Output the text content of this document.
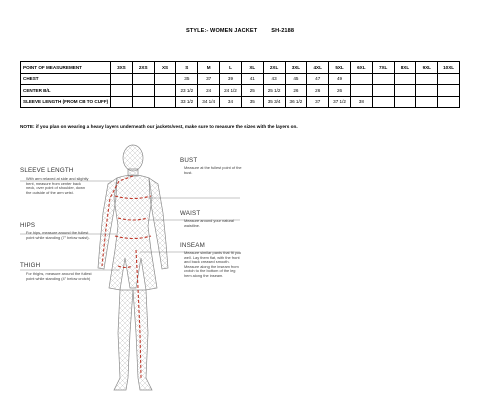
STYLE:- WOMEN JACKET	SH-2188
POINT OF MEASUREMENT	3XS	2XS	XS	S	M	L	XL	2XL	3XL	4XL	5XL	6XL	7XL	8XL	9XL	10XL
CHEST				35	37	39	41	43	45	47	49					
CENTER B/L				23 1/2	24	24 1/2	25	25 1/2	26	26	26					
SLEEVE LENGTH (FROM CB TO CUFF)				33 1/2	34 1/4	34	35	35 3/4	36 1/2	37	37 1/2	38				
NOTE: if you plan on wearing a heavy layers underneath our jackets/vest, make sure to measure the sizes with the layers on.
SLEEVE LENGTH
With arm relaxed at side and slightly bent, measure from center back neck, over point of shoulder, down the outside of the arm wrist.
HIPS
For hips, measure around the fullest point while standing (7" below waist).
THIGH
For thighs, measure around the fullest point while standing (4" below crotch)
BUST
Measure at the fullest point of the bust.
WAIST
Measure around your natural waistline.
INSEAM
Measure similar pants that fit you well. Lay them flat, with the front and back creased smooth. Measure along the inseam from crotch to the bottom of the leg hem along the inseam.
